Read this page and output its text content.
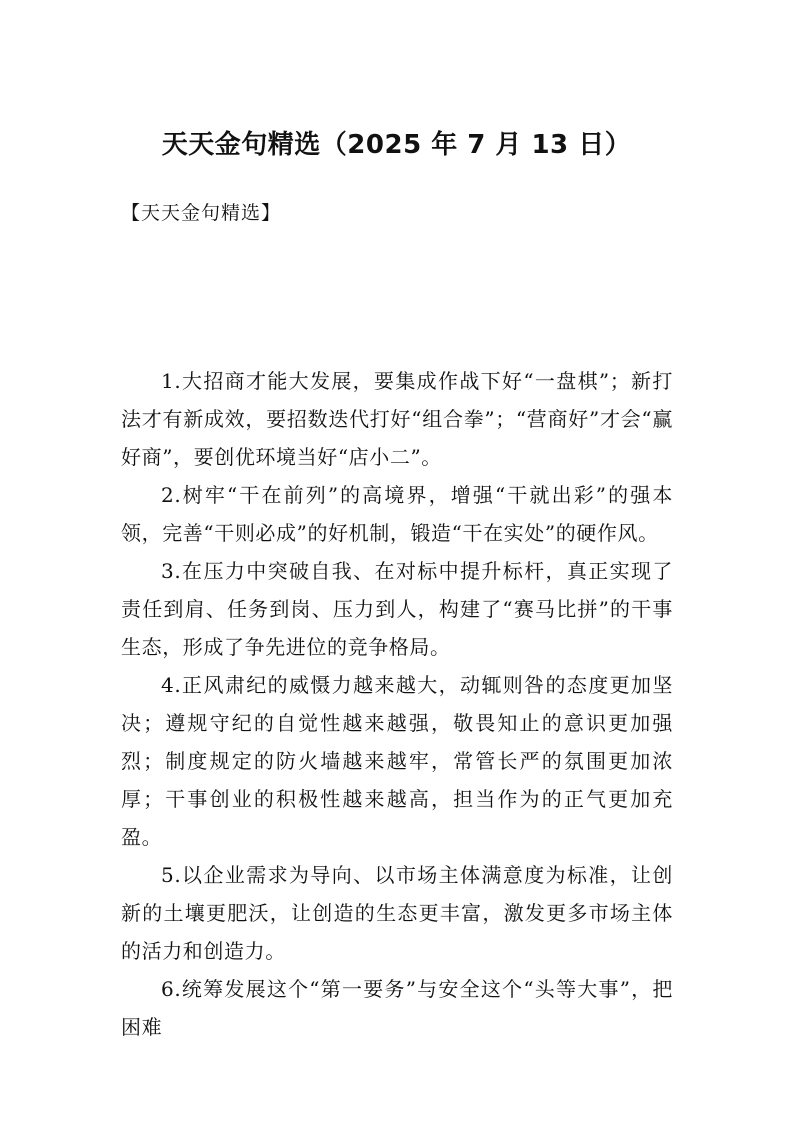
天天金句精选（2025 年 7 月 13 日）

【天天金句精选】

1.大招商才能大发展，要集成作战下好“一盘棋”；新打法才有新成效，要招数迭代打好“组合拳”；“营商好”才会“赢好商”，要创优环境当好“店小二”。

2.树牢“干在前列”的高境界，增强“干就出彩”的强本领，完善“干则必成”的好机制，锻造“干在实处”的硬作风。

3.在压力中突破自我、在对标中提升标杆，真正实现了责任到肩、任务到岗、压力到人，构建了“赛马比拼”的干事生态，形成了争先进位的竞争格局。

4.正风肃纪的威慑力越来越大，动辄则咎的态度更加坚决；遵规守纪的自觉性越来越强，敬畏知止的意识更加强烈；制度规定的防火墙越来越牢，常管长严的氛围更加浓厚；干事创业的积极性越来越高，担当作为的正气更加充盈。

5.以企业需求为导向、以市场主体满意度为标准，让创新的土壤更肥沃，让创造的生态更丰富，激发更多市场主体的活力和创造力。

6.统筹发展这个“第一要务”与安全这个“头等大事”，把困难
